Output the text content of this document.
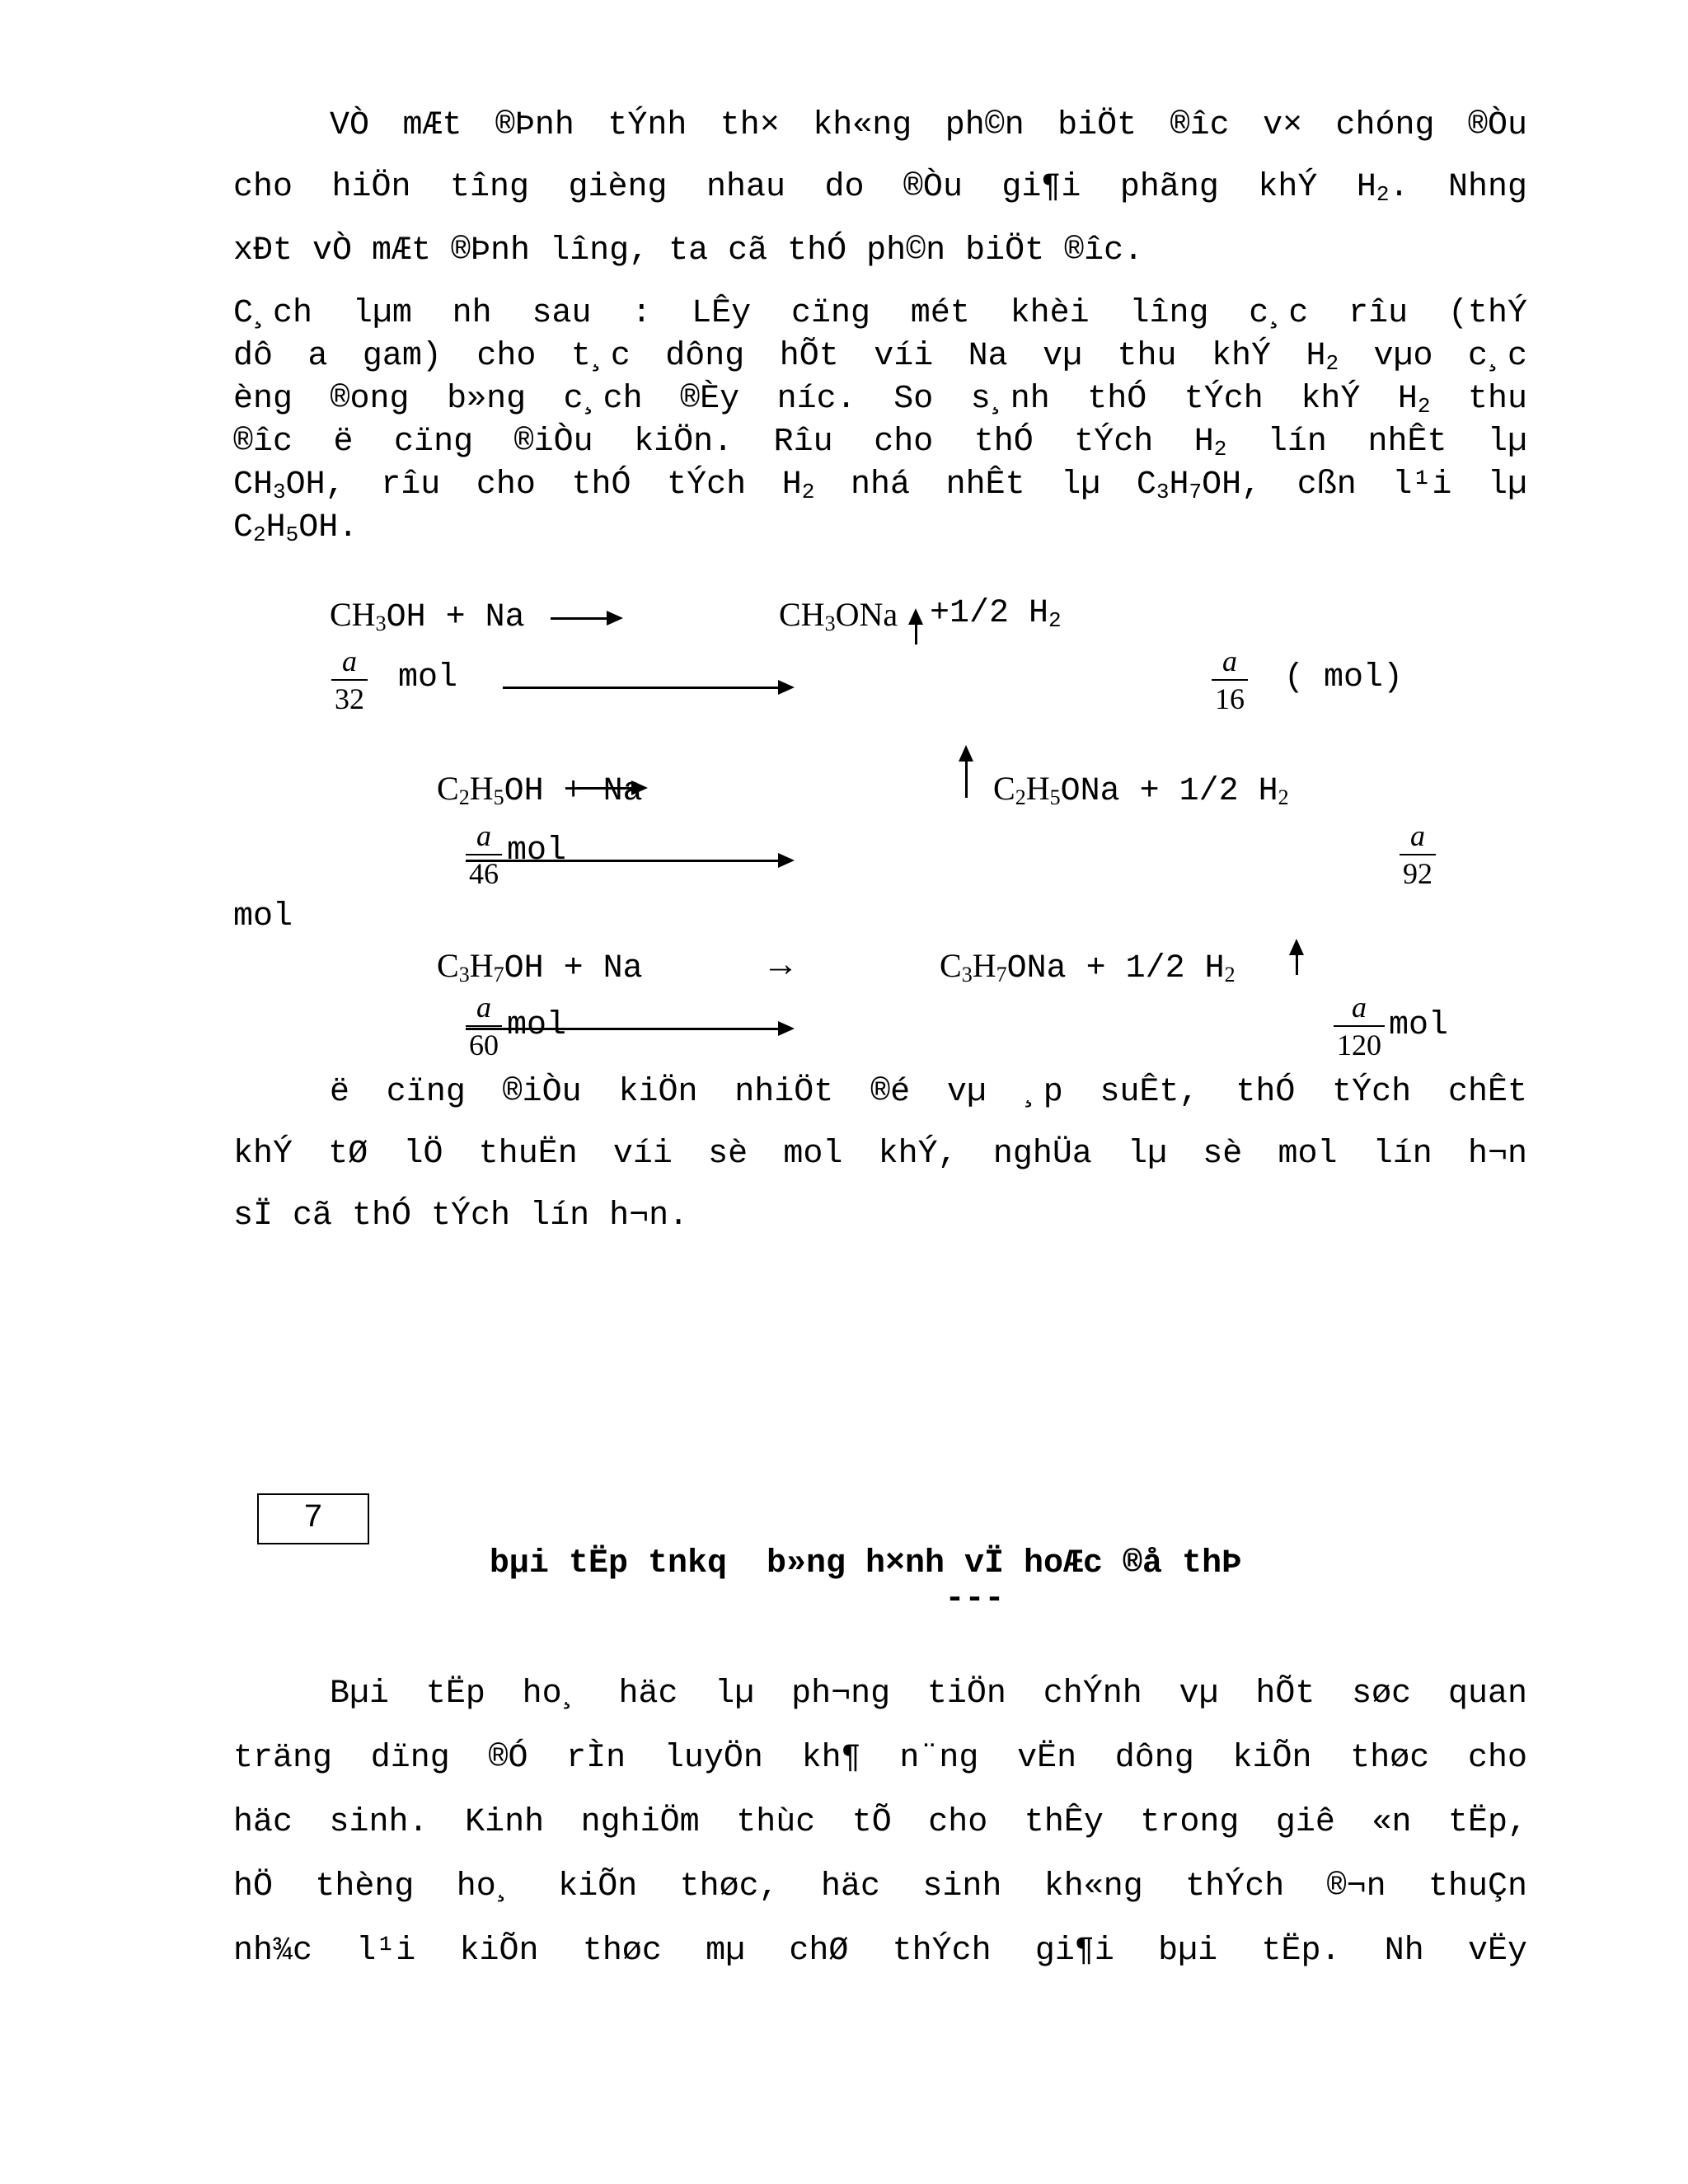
VÒ mÆt ®Þnh tÝnh th× kh«ng ph©n biÖt ®îc v× chóng ®Òu
cho hiÖn tîng gièng nhau do ®Òu gi¶i phãng khÝ $H_2$. Nhng
xÐt vÒ mÆt ®Þnh lîng, ta cã thÓ ph©n biÖt ®îc.
C¸ch lµm nh sau : LÊy cïng mét khèi lîng c¸c rîu (thÝ
dô a gam) cho t¸c dông hÕt víi Na vµ thu khÝ $H_2$ vµo c¸c
èng ®ong b»ng c¸ch ®Èy níc. So s¸nh thÓ tÝch khÝ $H_2$ thu
®îc ë cïng ®iÒu kiÖn. Rîu cho thÓ tÝch $H_2$ lín nhÊt lµ
$CH_3OH$, rîu cho thÓ tÝch $H_2$ nhá nhÊt lµ $C_3H_7OH$, cßn l¹i lµ
$C_2H_5OH$.
$CH_3OH + Na$ →	$CH_3ONa +1/2$ $H_2$
$\frac{a}{32}$ mol	$\frac{a}{16}$ ( mol)
$C_2H_5OH + Na$	$C_2H_5ONa + 1/2$ $H_2$
$\frac{a}{46}$ mol	$\frac{a}{92}$
mol
$C_3H_7OH + Na$	→	$C_3H_7ONa + 1/2$ $H_2$
$\frac{a}{60}$ mol	$\frac{a}{120}$ mol
ë cïng ®iÒu kiÖn nhiÖt ®é vµ ¸p suÊt, thÓ tÝch chÊt
khÝ tØ lÖ thuËn víi sè mol khÝ, nghÜa lµ sè mol lín h¬n
sÏ cã thÓ tÝch lín h¬n.
7
bµi tËp tnkq  b»ng h×nh vÏ hoÆc ®å thÞ
---
Bµi tËp ho¸ häc lµ ph¬ng tiÖn chÝnh vµ hÕt søc quan
träng dïng ®Ó rÌn luyÖn kh¶ n¨ng vËn dông kiÕn thøc cho
häc sinh. Kinh nghiÖm thùc tÕ cho thÊy trong giê «n tËp,
hÖ thèng ho¸ kiÕn thøc, häc sinh kh«ng thÝch ®¬n thuÇn
nh¾c l¹i kiÕn thøc mµ chØ thÝch gi¶i bµi tËp. Nh vËy
